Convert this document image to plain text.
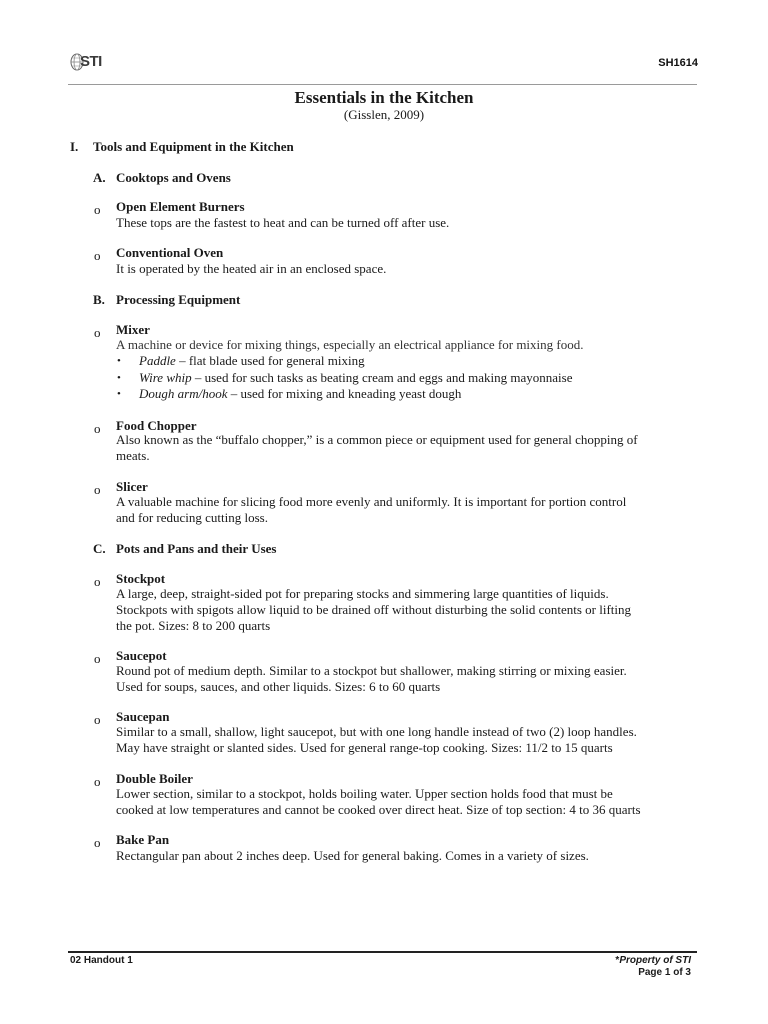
STI	SH1614
Essentials in the Kitchen
(Gisslen, 2009)
I. Tools and Equipment in the Kitchen
A. Cooktops and Ovens
o Open Element Burners
These tops are the fastest to heat and can be turned off after use.
o Conventional Oven
It is operated by the heated air in an enclosed space.
B. Processing Equipment
o Mixer
A machine or device for mixing things, especially an electrical appliance for mixing food.
• Paddle – flat blade used for general mixing
• Wire whip – used for such tasks as beating cream and eggs and making mayonnaise
• Dough arm/hook – used for mixing and kneading yeast dough
o Food Chopper
Also known as the “buffalo chopper,” is a common piece or equipment used for general chopping of
meats.
o Slicer
A valuable machine for slicing food more evenly and uniformly. It is important for portion control
and for reducing cutting loss.
C. Pots and Pans and their Uses
o Stockpot
A large, deep, straight-sided pot for preparing stocks and simmering large quantities of liquids.
Stockpots with spigots allow liquid to be drained off without disturbing the solid contents or lifting
the pot. Sizes: 8 to 200 quarts
o Saucepot
Round pot of medium depth. Similar to a stockpot but shallower, making stirring or mixing easier.
Used for soups, sauces, and other liquids. Sizes: 6 to 60 quarts
o Saucepan
Similar to a small, shallow, light saucepot, but with one long handle instead of two (2) loop handles.
May have straight or slanted sides. Used for general range-top cooking. Sizes: 11/2 to 15 quarts
o Double Boiler
Lower section, similar to a stockpot, holds boiling water. Upper section holds food that must be
cooked at low temperatures and cannot be cooked over direct heat. Size of top section: 4 to 36 quarts
o Bake Pan
Rectangular pan about 2 inches deep. Used for general baking. Comes in a variety of sizes.
02 Handout 1	*Property of STI
Page 1 of 3
